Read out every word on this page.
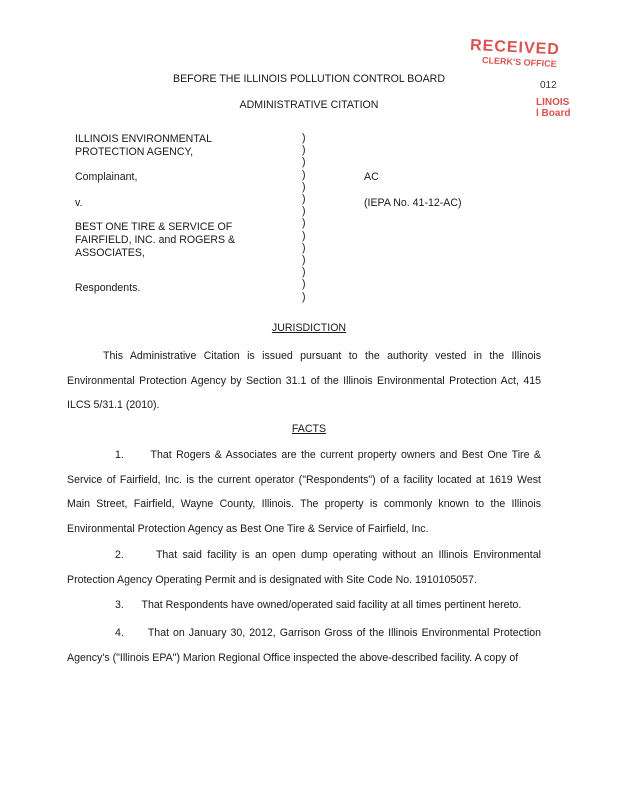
RECEIVED
CLERK'S OFFICE
012
LINOIS
l Board
BEFORE THE ILLINOIS POLLUTION CONTROL BOARD
ADMINISTRATIVE CITATION
ILLINOIS ENVIRONMENTAL
PROTECTION AGENCY,
Complainant,
v.
BEST ONE TIRE & SERVICE OF
FAIRFIELD, INC. and ROGERS &
ASSOCIATES,
Respondents.
)
)
)
)
)
)
)
)
)
)
)
)
)
)
AC
(IEPA No. 41-12-AC)
JURISDICTION
This Administrative Citation is issued pursuant to the authority vested in the Illinois Environmental Protection Agency by Section 31.1 of the Illinois Environmental Protection Act, 415 ILCS 5/31.1 (2010).
FACTS
1.	That Rogers & Associates are the current property owners and Best One Tire & Service of Fairfield, Inc. is the current operator ("Respondents") of a facility located at 1619 West Main Street, Fairfield, Wayne County, Illinois. The property is commonly known to the Illinois Environmental Protection Agency as Best One Tire & Service of Fairfield, Inc.
2.	That said facility is an open dump operating without an Illinois Environmental Protection Agency Operating Permit and is designated with Site Code No. 1910105057.
3. That Respondents have owned/operated said facility at all times pertinent hereto.
4. That on January 30, 2012, Garrison Gross of the Illinois Environmental Protection Agency's ("Illinois EPA") Marion Regional Office inspected the above-described facility. A copy of
